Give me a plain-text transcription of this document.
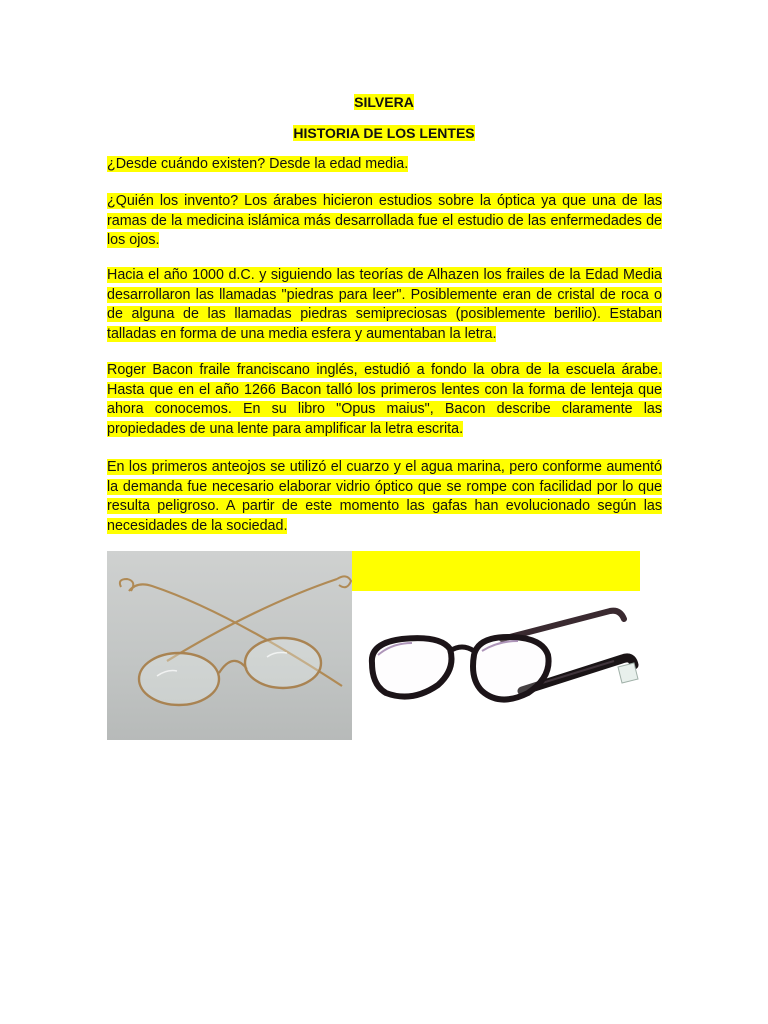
SILVERA
HISTORIA DE LOS LENTES

¿Desde cuándo existen? Desde la edad media.

¿Quién los invento? Los árabes hicieron estudios sobre la óptica ya que una de las ramas de la medicina islámica más desarrollada fue el estudio de las enfermedades de los ojos.

Hacia el año 1000 d.C. y siguiendo las teorías de Alhazen los frailes de la Edad Media desarrollaron las llamadas "piedras para leer". Posiblemente eran de cristal de roca o de alguna de las llamadas piedras semipreciosas (posiblemente berilio). Estaban talladas en forma de una media esfera y aumentaban la letra.

Roger Bacon fraile franciscano inglés, estudió a fondo la obra de la escuela árabe. Hasta que en el año 1266 Bacon talló los primeros lentes con la forma de lenteja que ahora conocemos. En su libro "Opus maius", Bacon describe claramente las propiedades de una lente para amplificar la letra escrita.

En los primeros anteojos se utilizó el cuarzo y el agua marina, pero conforme aumentó la demanda fue necesario elaborar vidrio óptico que se rompe con facilidad por lo que resulta peligroso. A partir de este momento las gafas han evolucionado según las necesidades de la sociedad.
